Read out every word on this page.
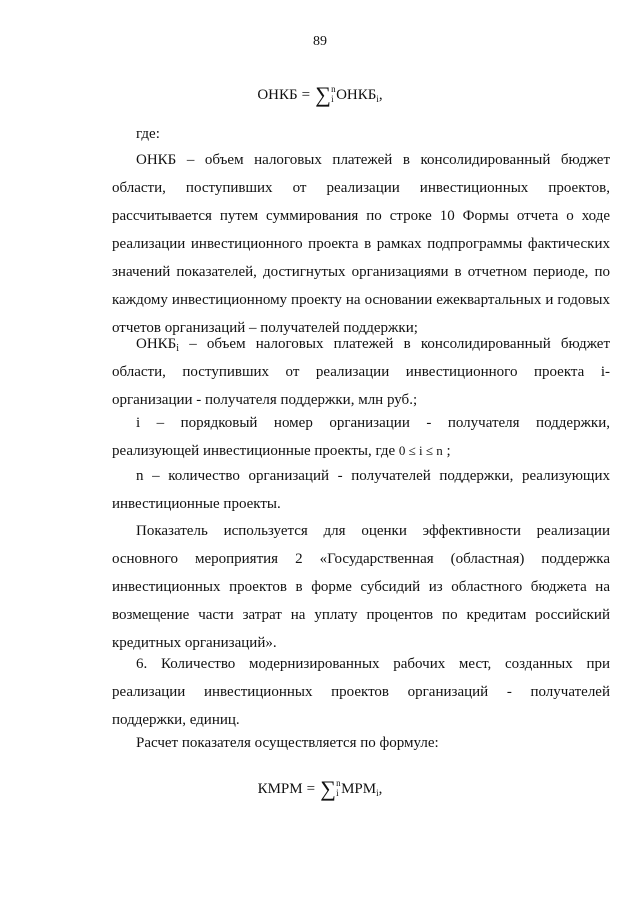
89
ОНКБ = ∑ n
i $ОНКБ_i$,
где:
ОНКБ – объем налоговых платежей в консолидированный бюджет
области, поступивших от реализации инвестиционных проектов,
рассчитывается путем суммирования по строке 10 Формы отчета о ходе
реализации инвестиционного проекта в рамках подпрограммы фактических
значений показателей, достигнутых организациями в отчетном периоде, по
каждому инвестиционному проекту на основании ежеквартальных и годовых
отчетов организаций – получателей поддержки;
$ОНКБ_i$ – объем налоговых платежей в консолидированный бюджет
области, поступивших от реализации инвестиционного проекта i-
организации - получателя поддержки, млн руб.;
i – порядковый номер организации - получателя поддержки,
реализующей инвестиционные проекты, где 0 ≤ i ≤ n ;
n – количество организаций - получателей поддержки, реализующих
инвестиционные проекты.
Показатель используется для оценки эффективности реализации
основного мероприятия 2 «Государственная (областная) поддержка
инвестиционных проектов в форме субсидий из областного бюджета на
возмещение части затрат на уплату процентов по кредитам российский
кредитных организаций».
6. Количество модернизированных рабочих мест, созданных при
реализации инвестиционных проектов организаций - получателей
поддержки, единиц.
Расчет показателя осуществляется по формуле:
КМРМ = ∑ n
i $МРМ_i$,
